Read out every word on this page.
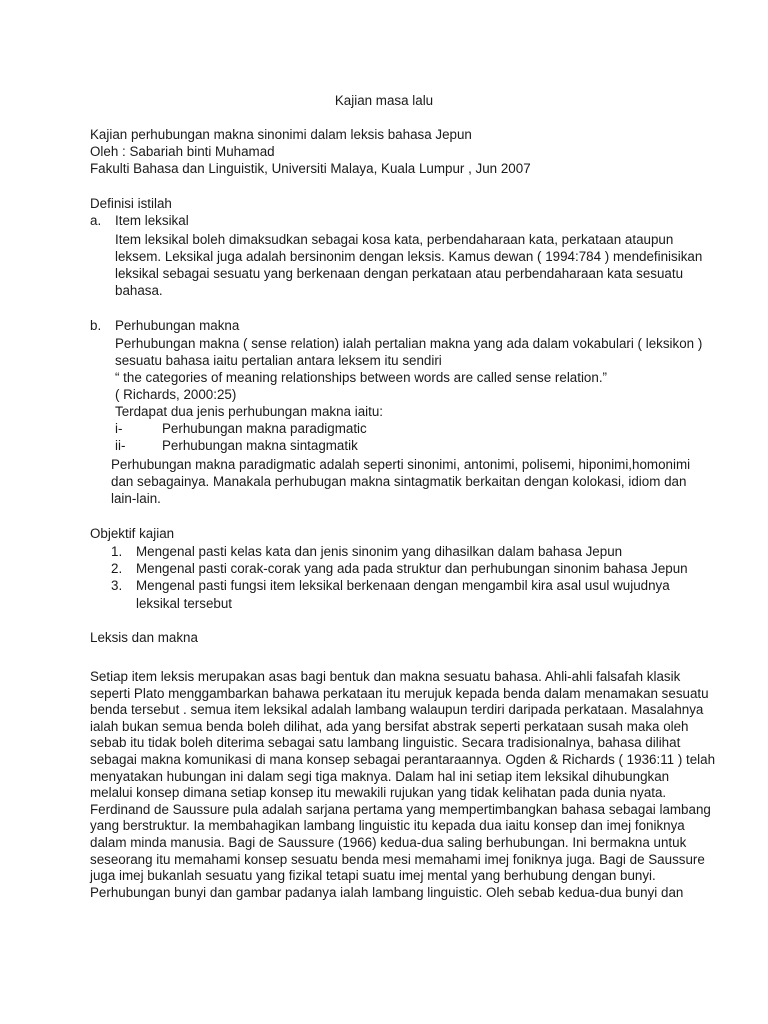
Kajian masa lalu
Kajian perhubungan makna sinonimi dalam leksis bahasa Jepun
Oleh : Sabariah binti Muhamad
Fakulti Bahasa dan Linguistik, Universiti Malaya, Kuala Lumpur , Jun 2007
Definisi istilah
a. Item leksikal
Item leksikal boleh dimaksudkan sebagai kosa kata, perbendaharaan kata, perkataan ataupun
leksem. Leksikal juga adalah bersinonim dengan leksis. Kamus dewan ( 1994:784 ) mendefinisikan
leksikal sebagai sesuatu yang berkenaan dengan perkataan atau perbendaharaan kata sesuatu
bahasa.
b. Perhubungan makna
Perhubungan makna ( sense relation) ialah pertalian makna yang ada dalam vokabulari ( leksikon )
sesuatu bahasa iaitu pertalian antara leksem itu sendiri
“ the categories of meaning relationships between words are called sense relation.”
( Richards, 2000:25)
Terdapat dua jenis perhubungan makna iaitu:
i-	Perhubungan makna paradigmatic
ii-	Perhubungan makna sintagmatik
Perhubungan makna paradigmatic adalah seperti sinonimi, antonimi, polisemi, hiponimi,homonimi
dan sebagainya. Manakala perhubugan makna sintagmatik berkaitan dengan kolokasi, idiom dan
lain-lain.
Objektif kajian
1. Mengenal pasti kelas kata dan jenis sinonim yang dihasilkan dalam bahasa Jepun
2. Mengenal pasti corak-corak yang ada pada struktur dan perhubungan sinonim bahasa Jepun
3. Mengenal pasti fungsi item leksikal berkenaan dengan mengambil kira asal usul wujudnya
leksikal tersebut
Leksis dan makna
Setiap item leksis merupakan asas bagi bentuk dan makna sesuatu bahasa. Ahli-ahli falsafah klasik
seperti Plato menggambarkan bahawa perkataan itu merujuk kepada benda dalam menamakan sesuatu
benda tersebut . semua item leksikal adalah lambang walaupun terdiri daripada perkataan. Masalahnya
ialah bukan semua benda boleh dilihat, ada yang bersifat abstrak seperti perkataan susah maka oleh
sebab itu tidak boleh diterima sebagai satu lambang linguistic. Secara tradisionalnya, bahasa dilihat
sebagai makna komunikasi di mana konsep sebagai perantaraannya. Ogden & Richards ( 1936:11 ) telah
menyatakan hubungan ini dalam segi tiga maknya. Dalam hal ini setiap item leksikal dihubungkan
melalui konsep dimana setiap konsep itu mewakili rujukan yang tidak kelihatan pada dunia nyata.
Ferdinand de Saussure pula adalah sarjana pertama yang mempertimbangkan bahasa sebagai lambang
yang berstruktur. Ia membahagikan lambang linguistic itu kepada dua iaitu konsep dan imej foniknya
dalam minda manusia. Bagi de Saussure (1966) kedua-dua saling berhubungan. Ini bermakna untuk
seseorang itu memahami konsep sesuatu benda mesi memahami imej foniknya juga. Bagi de Saussure
juga imej bukanlah sesuatu yang fizikal tetapi suatu imej mental yang berhubung dengan bunyi.
Perhubungan bunyi dan gambar padanya ialah lambang linguistic. Oleh sebab kedua-dua bunyi dan
